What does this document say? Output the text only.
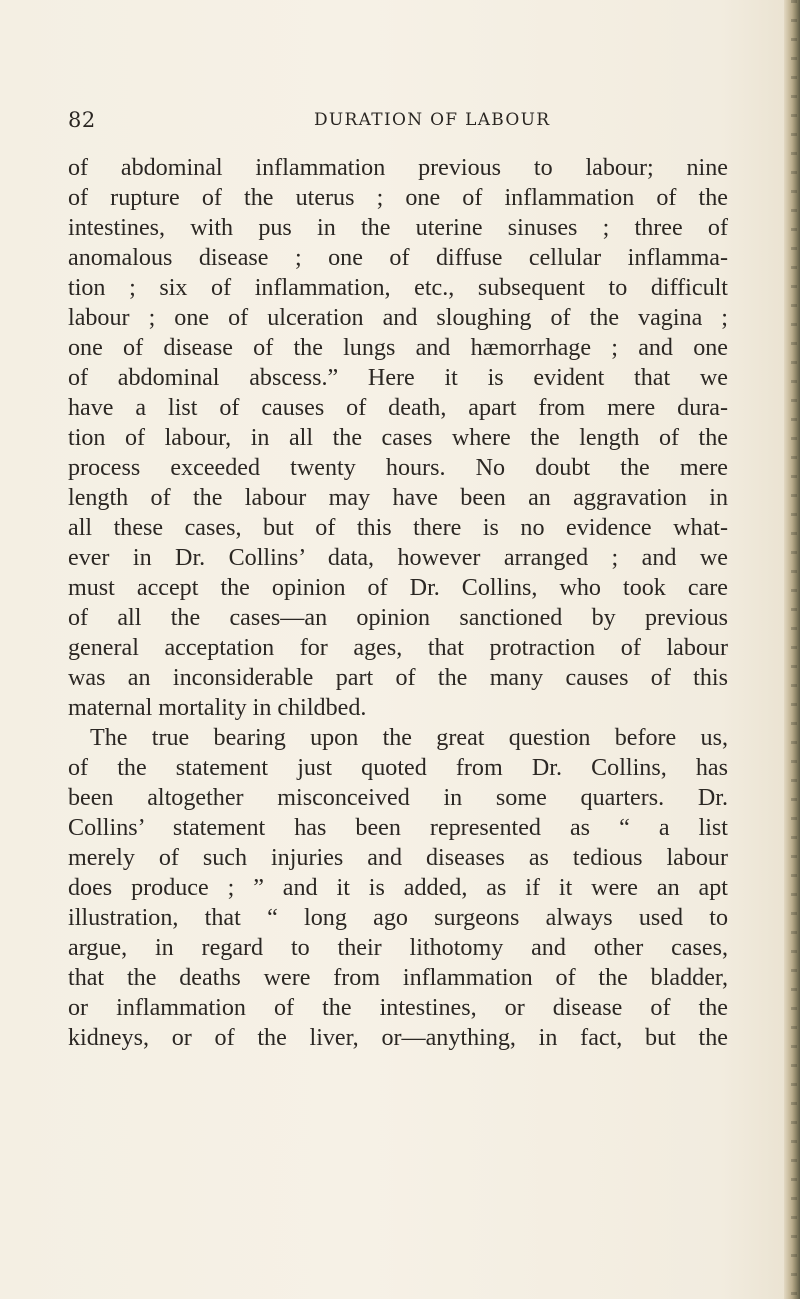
82	DURATION OF LABOUR
of abdominal inflammation previous to labour; nine
of rupture of the uterus ; one of inflammation of the
intestines, with pus in the uterine sinuses ; three of
anomalous disease ; one of diffuse cellular inflamma-
tion ; six of inflammation, etc., subsequent to difficult
labour ; one of ulceration and sloughing of the vagina ;
one of disease of the lungs and hæmorrhage ; and one
of abdominal abscess.” Here it is evident that we
have a list of causes of death, apart from mere dura-
tion of labour, in all the cases where the length of the
process exceeded twenty hours. No doubt the mere
length of the labour may have been an aggravation in
all these cases, but of this there is no evidence what-
ever in Dr. Collins’ data, however arranged ; and we
must accept the opinion of Dr. Collins, who took care
of all the cases—an opinion sanctioned by previous
general acceptation for ages, that protraction of labour
was an inconsiderable part of the many causes of this
maternal mortality in childbed.
The true bearing upon the great question before us,
of the statement just quoted from Dr. Collins, has
been altogether misconceived in some quarters. Dr.
Collins’ statement has been represented as “ a list
merely of such injuries and diseases as tedious labour
does produce ; ” and it is added, as if it were an apt
illustration, that “ long ago surgeons always used to
argue, in regard to their lithotomy and other cases,
that the deaths were from inflammation of the bladder,
or inflammation of the intestines, or disease of the
kidneys, or of the liver, or—anything, in fact, but the
